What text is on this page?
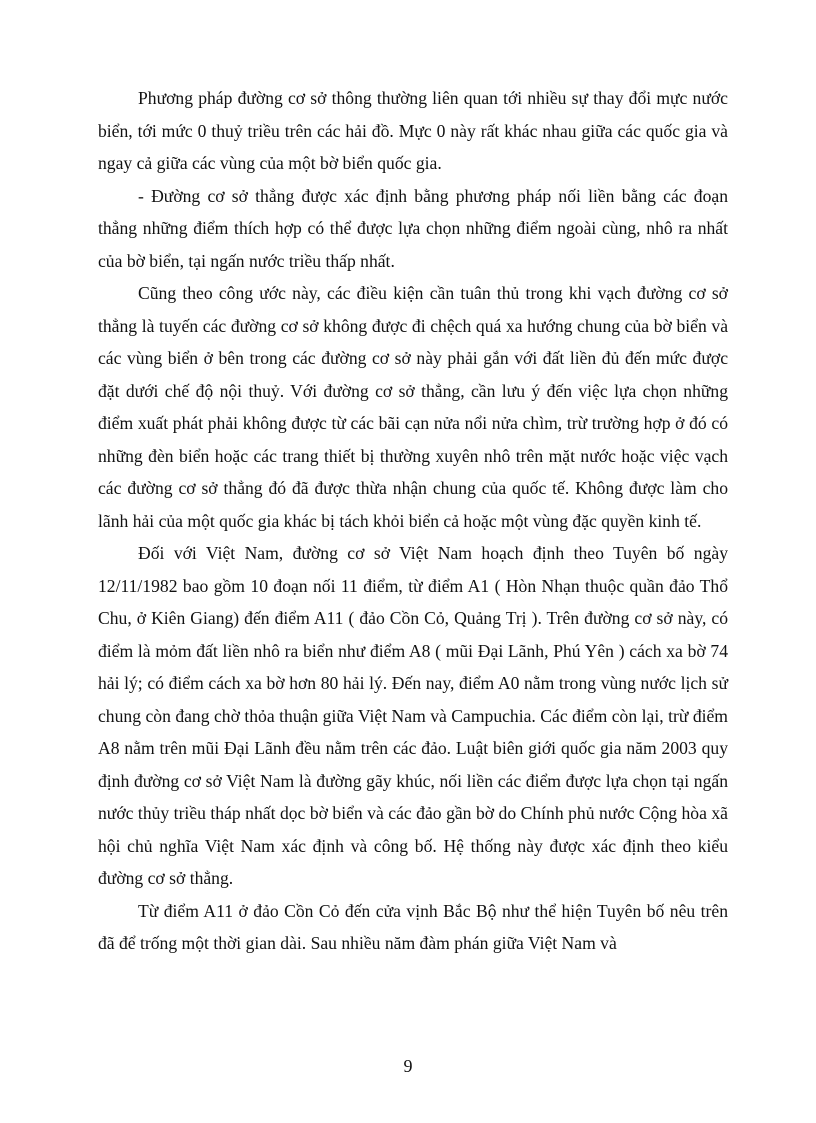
Phương pháp đường cơ sở thông thường liên quan tới nhiều sự thay đổi mực nước biển, tới mức 0 thuỷ triều trên các hải đồ. Mực 0 này rất khác nhau giữa các quốc gia và ngay cả giữa các vùng của một bờ biển quốc gia.

- Đường cơ sở thẳng được xác định bằng phương pháp nối liền bằng các đoạn thẳng những điểm thích hợp có thể được lựa chọn những điểm ngoài cùng, nhô ra nhất của bờ biển, tại ngấn nước triều thấp nhất.

Cũng theo công ước này, các điều kiện cần tuân thủ trong khi vạch đường cơ sở thẳng là tuyến các đường cơ sở không được đi chệch quá xa hướng chung của bờ biển và các vùng biển ở bên trong các đường cơ sở này phải gắn với đất liền đủ đến mức được đặt dưới chế độ nội thuỷ. Với đường cơ sở thẳng, cần lưu ý đến việc lựa chọn những điểm xuất phát phải không được từ các bãi cạn nửa nổi nửa chìm, trừ trường hợp ở đó có những đèn biển hoặc các trang thiết bị thường xuyên nhô trên mặt nước hoặc việc vạch các đường cơ sở thẳng đó đã được thừa nhận chung của quốc tế. Không được làm cho lãnh hải của một quốc gia khác bị tách khỏi biển cả hoặc một vùng đặc quyền kinh tế.

Đối với Việt Nam, đường cơ sở Việt Nam hoạch định theo Tuyên bố ngày 12/11/1982 bao gồm 10 đoạn nối 11 điểm, từ điểm A1 ( Hòn Nhạn thuộc quần đảo Thổ Chu, ở Kiên Giang) đến điểm A11 ( đảo Cồn Cỏ, Quảng Trị ). Trên đường cơ sở này, có điểm là mỏm đất liền nhô ra biển như điểm A8 ( mũi Đại Lãnh, Phú Yên ) cách xa bờ 74 hải lý; có điểm cách xa bờ hơn 80 hải lý. Đến nay, điểm A0 nằm trong vùng nước lịch sử chung còn đang chờ thỏa thuận giữa Việt Nam và Campuchia. Các điểm còn lại, trừ điểm A8 nằm trên mũi Đại Lãnh đều nằm trên các đảo. Luật biên giới quốc gia năm 2003 quy định đường cơ sở Việt Nam là đường gãy khúc, nối liền các điểm được lựa chọn tại ngấn nước thủy triều tháp nhất dọc bờ biển và các đảo gần bờ do Chính phủ nước Cộng hòa xã hội chủ nghĩa Việt Nam xác định và công bố. Hệ thống này được xác định theo kiểu đường cơ sở thẳng.

Từ điểm A11 ở đảo Cồn Cỏ đến cửa vịnh Bắc Bộ như thể hiện Tuyên bố nêu trên đã để trống một thời gian dài. Sau nhiều năm đàm phán giữa Việt Nam và

9
